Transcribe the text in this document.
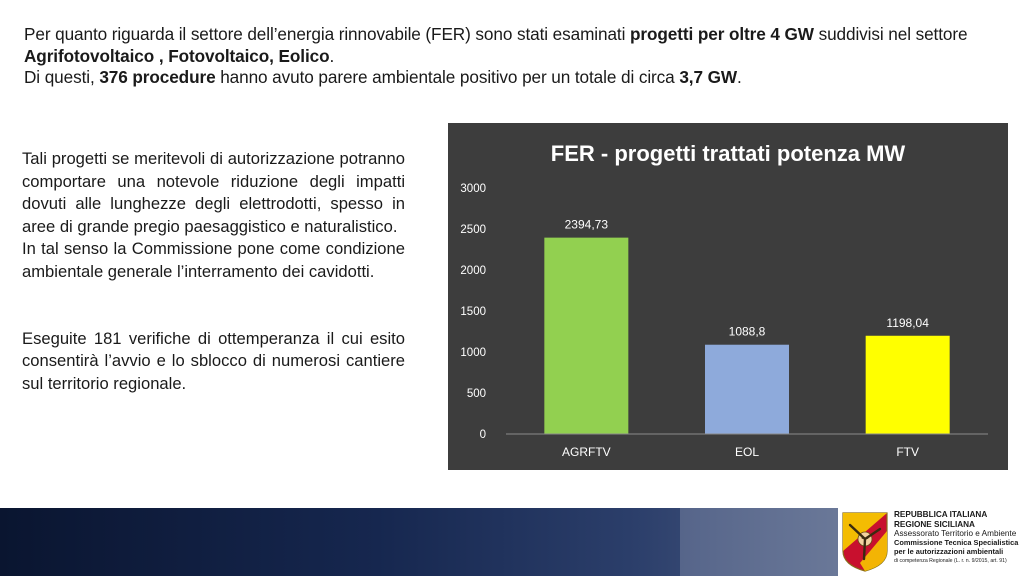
Per quanto riguarda il settore dell’energia rinnovabile (FER) sono stati esaminati progetti per oltre 4 GW suddivisi nel settore Agrifotovoltaico , Fotovoltaico, Eolico.

Di questi, 376 procedure hanno avuto parere ambientale positivo per un totale di circa 3,7 GW.

Tali progetti se meritevoli di autorizzazione potranno comportare una notevole riduzione degli impatti dovuti alle lunghezze degli elettrodotti, spesso in aree di grande pregio paesaggistico e naturalistico.

In tal senso la Commissione pone come condizione ambientale generale l’interramento dei cavidotti.

Eseguite 181 verifiche di ottemperanza il cui esito consentirà l’avvio e lo sblocco di numerosi cantiere sul territorio regionale.

FER - progetti trattati potenza MW
0
500
1000
1500
2000
2500
3000
2394,73
AGRFTV
1088,8
EOL
1198,04
FTV
REPUBBLICA ITALIANA
REGIONE SICILIANA
Assessorato Territorio e Ambiente
Commissione Tecnica Specialistica
per le autorizzazioni ambientali
di competenza Regionale (L. r. n. 9/2015, art. 91)
